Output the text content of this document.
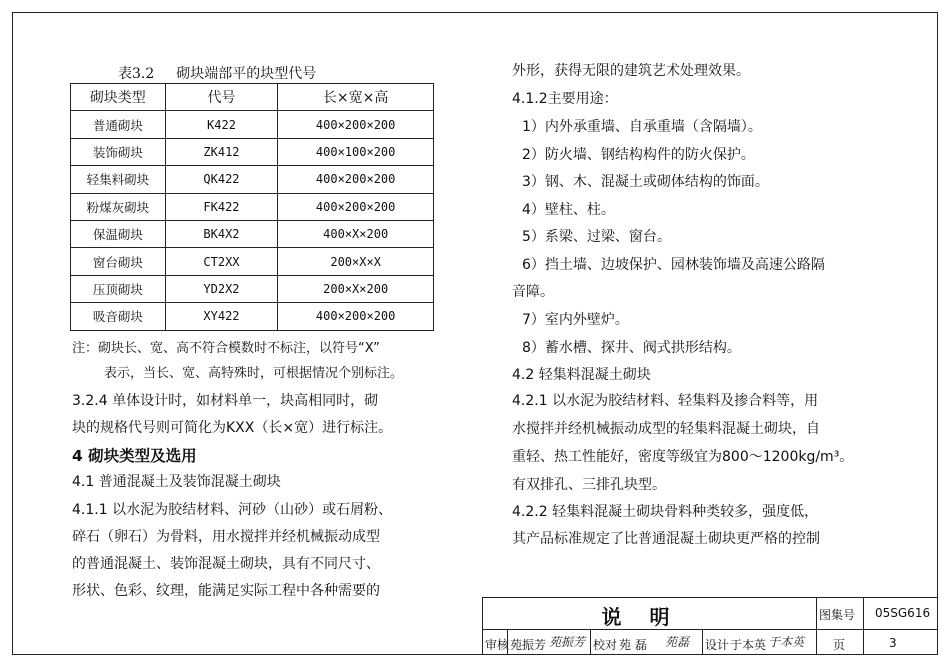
表3.2 砌块端部平的块型代号
砌块类型	代号	长×宽×高
普通砌块	K422	400×200×200
装饰砌块	ZK412	400×100×200
轻集料砌块	QK422	400×200×200
粉煤灰砌块	FK422	400×200×200
保温砌块	BK4X2	400×X×200
窗台砌块	CT2XX	200×X×X
压顶砌块	YD2X2	200×X×200
吸音砌块	XY422	400×200×200
注：砌块长、宽、高不符合模数时不标注，以符号“X”
表示，当长、宽、高特殊时，可根据情况个别标注。
3.2.4 单体设计时，如材料单一，块高相同时，砌
块的规格代号则可简化为KXX（长×宽）进行标注。
4 砌块类型及选用
4.1 普通混凝土及装饰混凝土砌块
4.1.1 以水泥为胶结材料、河砂（山砂）或石屑粉、
碎石（卵石）为骨料，用水搅拌并经机械振动成型
的普通混凝土、装饰混凝土砌块，具有不同尺寸、
形状、色彩、纹理，能满足实际工程中各种需要的
外形，获得无限的建筑艺术处理效果。
4.1.2主要用途：
1）内外承重墙、自承重墙（含隔墙）。
2）防火墙、钢结构构件的防火保护。
3）钢、木、混凝土或砌体结构的饰面。
4）壁柱、柱。
5）系梁、过梁、窗台。
6）挡土墙、边坡保护、园林装饰墙及高速公路隔
音障。
7）室内外壁炉。
8）蓄水槽、探井、阀式拱形结构。
4.2 轻集料混凝土砌块
4.2.1 以水泥为胶结材料、轻集料及掺合料等，用
水搅拌并经机械振动成型的轻集料混凝土砌块，自
重轻、热工性能好，密度等级宜为800～1200kg/m³。
有双排孔、三排孔块型。
4.2.2 轻集料混凝土砌块骨料种类较多，强度低，
其产品标准规定了比普通混凝土砌块更严格的控制
说明	图集号 05SG616
审核 苑振芳 苑振芳 校对 苑 磊 苑磊 设计 于本英 于本英 页	3
